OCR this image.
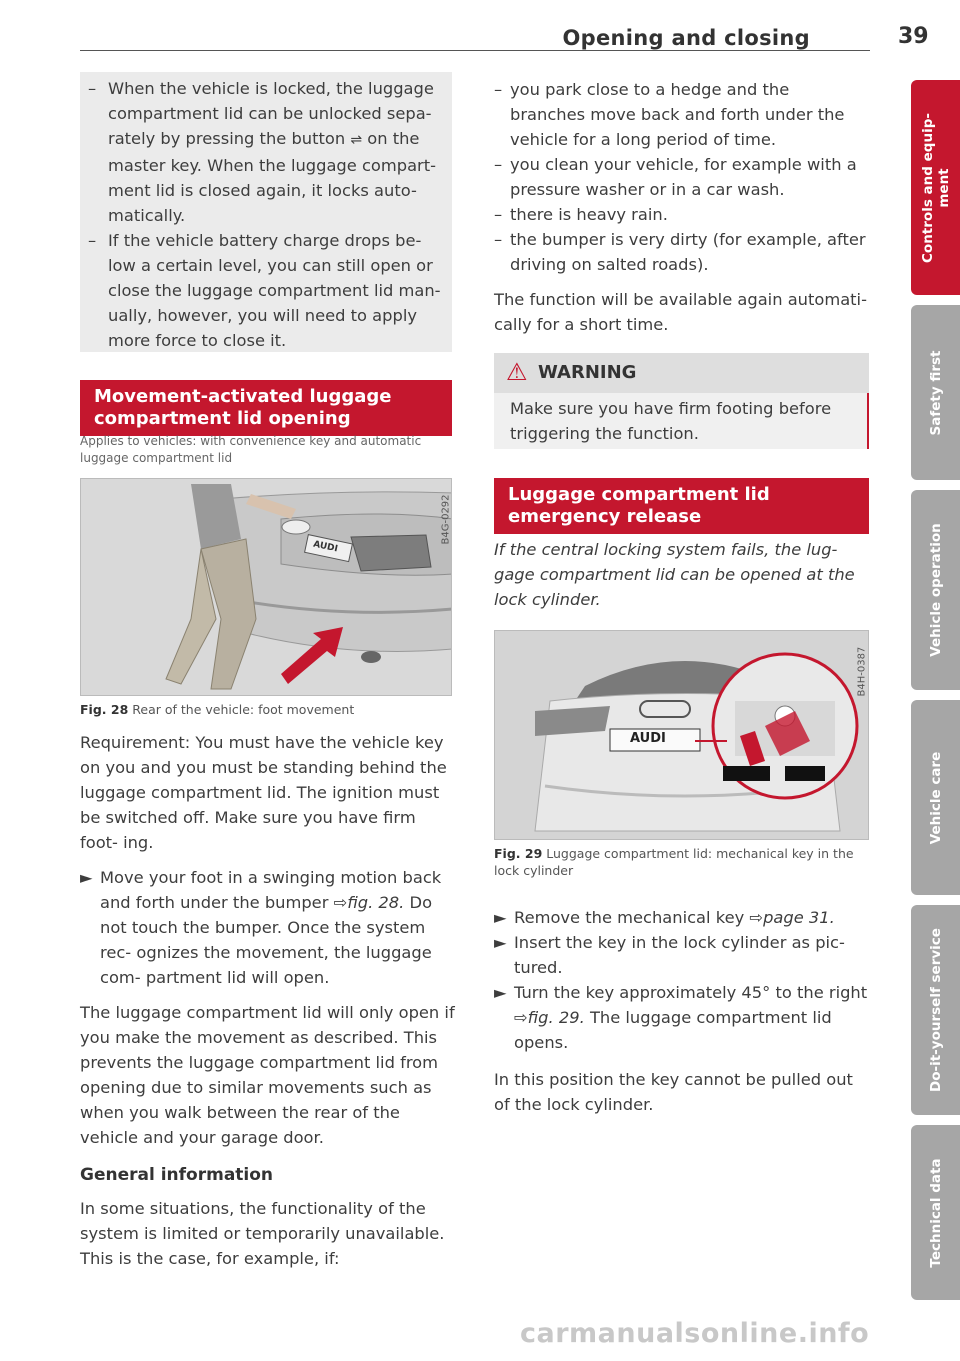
Opening and closing	39
– When the vehicle is locked, the luggage compartment lid can be unlocked sepa- rately by pressing the button ⇌ on the master key. When the luggage compart- ment lid is closed again, it locks auto- matically.
– If the vehicle battery charge drops be- low a certain level, you can still open or close the luggage compartment lid man- ually, however, you will need to apply more force to close it.
Movement-activated luggage compartment lid opening
Applies to vehicles: with convenience key and automatic luggage compartment lid
AUDI
B4G-0292
Fig. 28 Rear of the vehicle: foot movement

Requirement: You must have the vehicle key on you and you must be standing behind the luggage compartment lid. The ignition must be switched off. Make sure you have firm foot- ing.

► Move your foot in a swinging motion back and forth under the bumper ⇨fig. 28. Do not touch the bumper. Once the system rec- ognizes the movement, the luggage com- partment lid will open.

The luggage compartment lid will only open if you make the movement as described. This prevents the luggage compartment lid from opening due to similar movements such as when you walk between the rear of the vehicle and your garage door.

General information

In some situations, the functionality of the system is limited or temporarily unavailable. This is the case, for example, if:

– you park close to a hedge and the branches move back and forth under the vehicle for a long period of time.
– you clean your vehicle, for example with a pressure washer or in a car wash.
– there is heavy rain.
– the bumper is very dirty (for example, after driving on salted roads).

The function will be available again automati- cally for a short time.

⚠ WARNING

Make sure you have firm footing before triggering the function.

Luggage compartment lid emergency release

If the central locking system fails, the lug- gage compartment lid can be opened at the lock cylinder.

AUDI
B4H-0387
Fig. 29 Luggage compartment lid: mechanical key in the lock cylinder
► Remove the mechanical key ⇨page 31.
► Insert the key in the lock cylinder as pic- tured.
► Turn the key approximately 45° to the right ⇨fig. 29. The luggage compartment lid opens.

In this position the key cannot be pulled out of the lock cylinder.

Controls and equip- ment
Safety first
Vehicle operation
Vehicle care
Do-it-yourself service
Technical data
carmanualsonline.info
